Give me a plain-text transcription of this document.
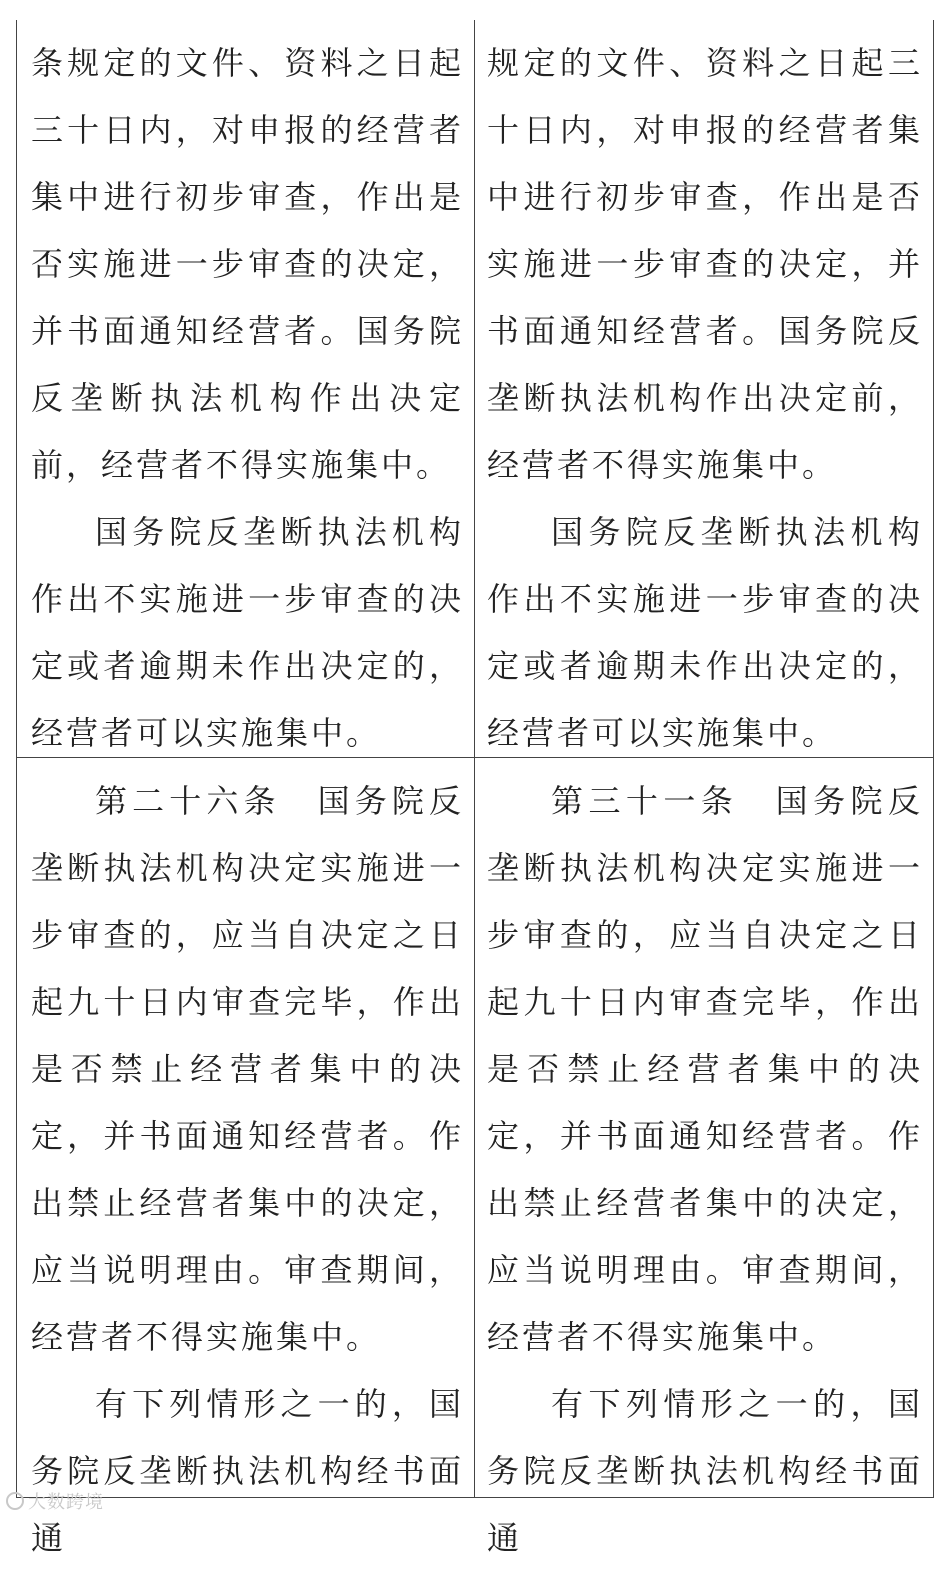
条规定的文件、资料之日起三十日内，对申报的经营者集中进行初步审查，作出是否实施进一步审查的决定，并书面通知经营者。国务院反垄断执法机构作出决定前，经营者不得实施集中。

国务院反垄断执法机构作出不实施进一步审查的决定或者逾期未作出决定的，经营者可以实施集中。

规定的文件、资料之日起三十日内，对申报的经营者集中进行初步审查，作出是否实施进一步审查的决定，并书面通知经营者。国务院反垄断执法机构作出决定前，经营者不得实施集中。

国务院反垄断执法机构作出不实施进一步审查的决定或者逾期未作出决定的，经营者可以实施集中。

第二十六条　国务院反垄断执法机构决定实施进一步审查的，应当自决定之日起九十日内审查完毕，作出是否禁止经营者集中的决定，并书面通知经营者。作出禁止经营者集中的决定，应当说明理由。审查期间，经营者不得实施集中。

有下列情形之一的，国务院反垄断执法机构经书面通

第三十一条　国务院反垄断执法机构决定实施进一步审查的，应当自决定之日起九十日内审查完毕，作出是否禁止经营者集中的决定，并书面通知经营者。作出禁止经营者集中的决定，应当说明理由。审查期间，经营者不得实施集中。

有下列情形之一的，国务院反垄断执法机构经书面通

大数跨境
